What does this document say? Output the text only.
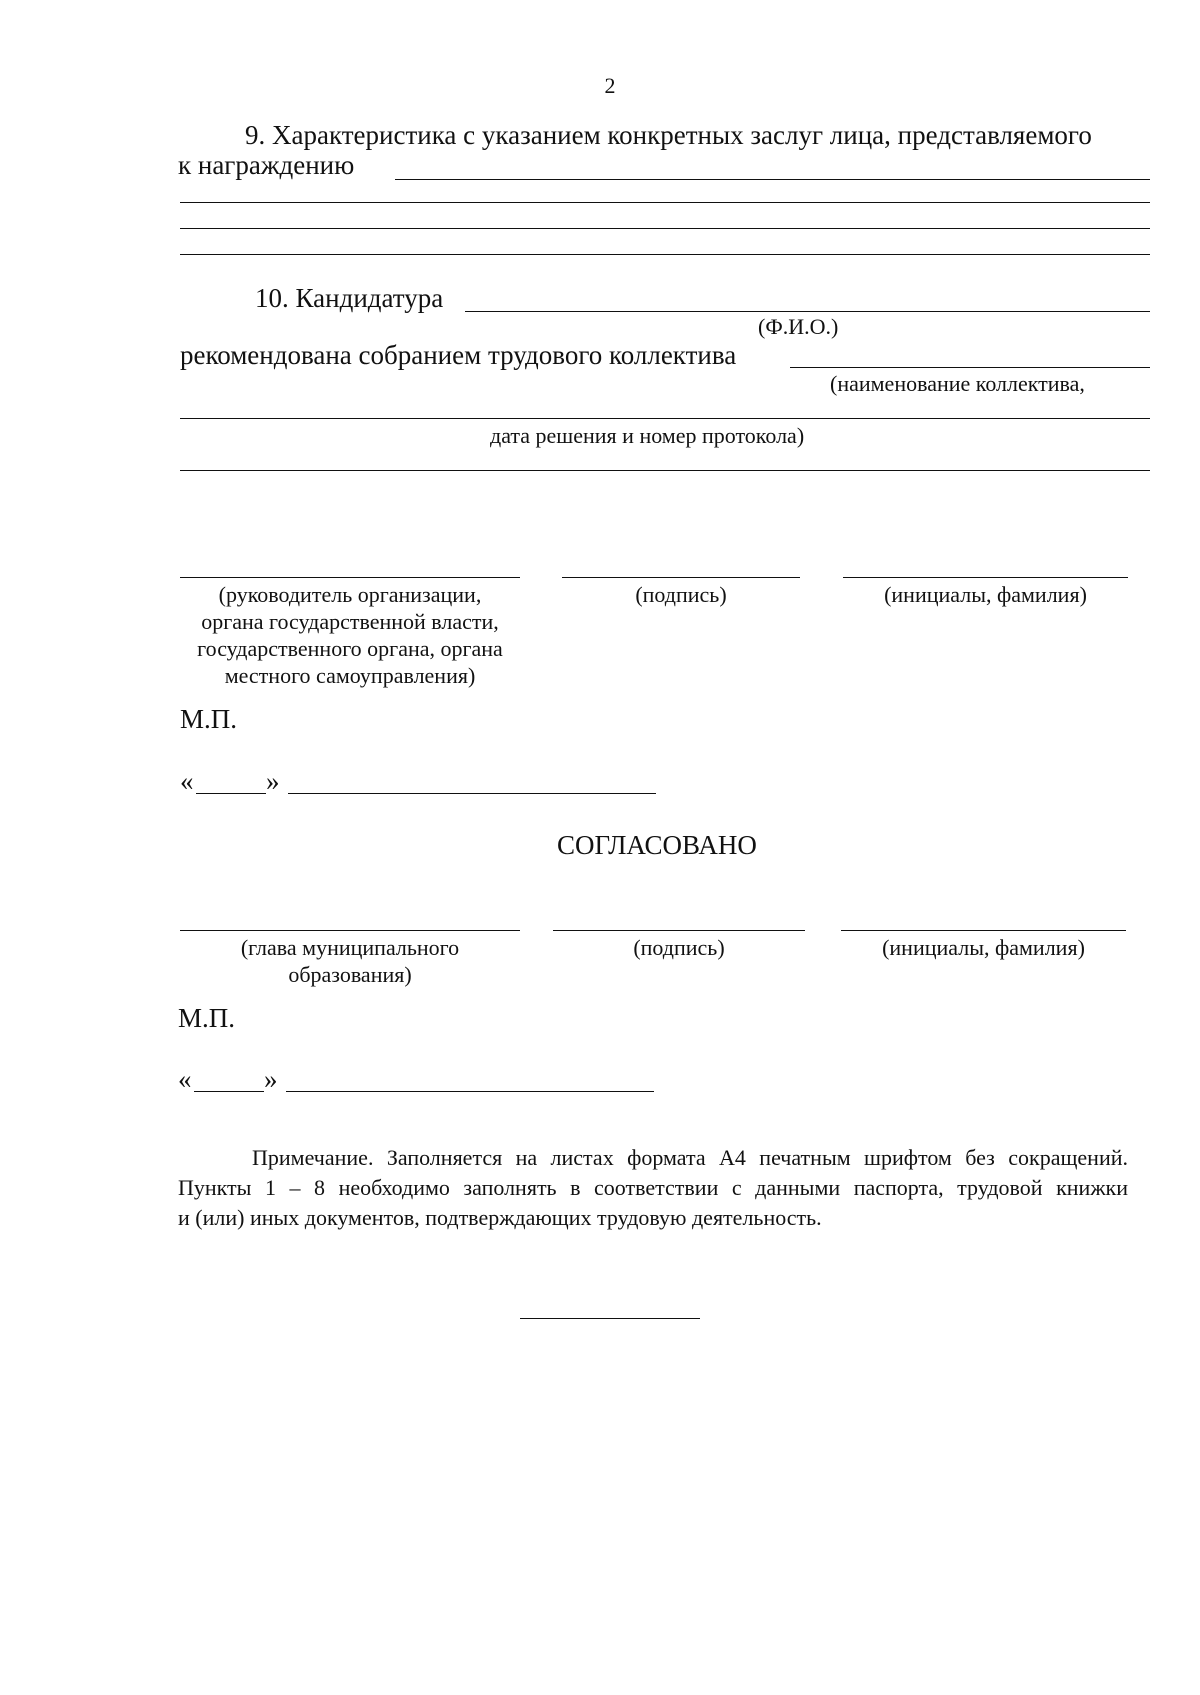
2
9. Характеристика с указанием конкретных заслуг лица, представляемого
к награждению
10. Кандидатура
(Ф.И.О.)
рекомендована собранием трудового коллектива
(наименование коллектива,
дата решения и номер протокола)
(руководитель организации,
органа государственной власти,
государственного органа, органа
местного самоуправления)
(подпись)	(инициалы, фамилия)
М.П.
«	»
СОГЛАСОВАНО
(глава муниципального
образования)
(подпись)	(инициалы, фамилия)
М.П.
«	»
Примечание. Заполняется на листах формата А4 печатным шрифтом без сокращений.
Пункты 1 – 8 необходимо заполнять в соответствии с данными паспорта, трудовой книжки
и (или) иных документов, подтверждающих трудовую деятельность.
